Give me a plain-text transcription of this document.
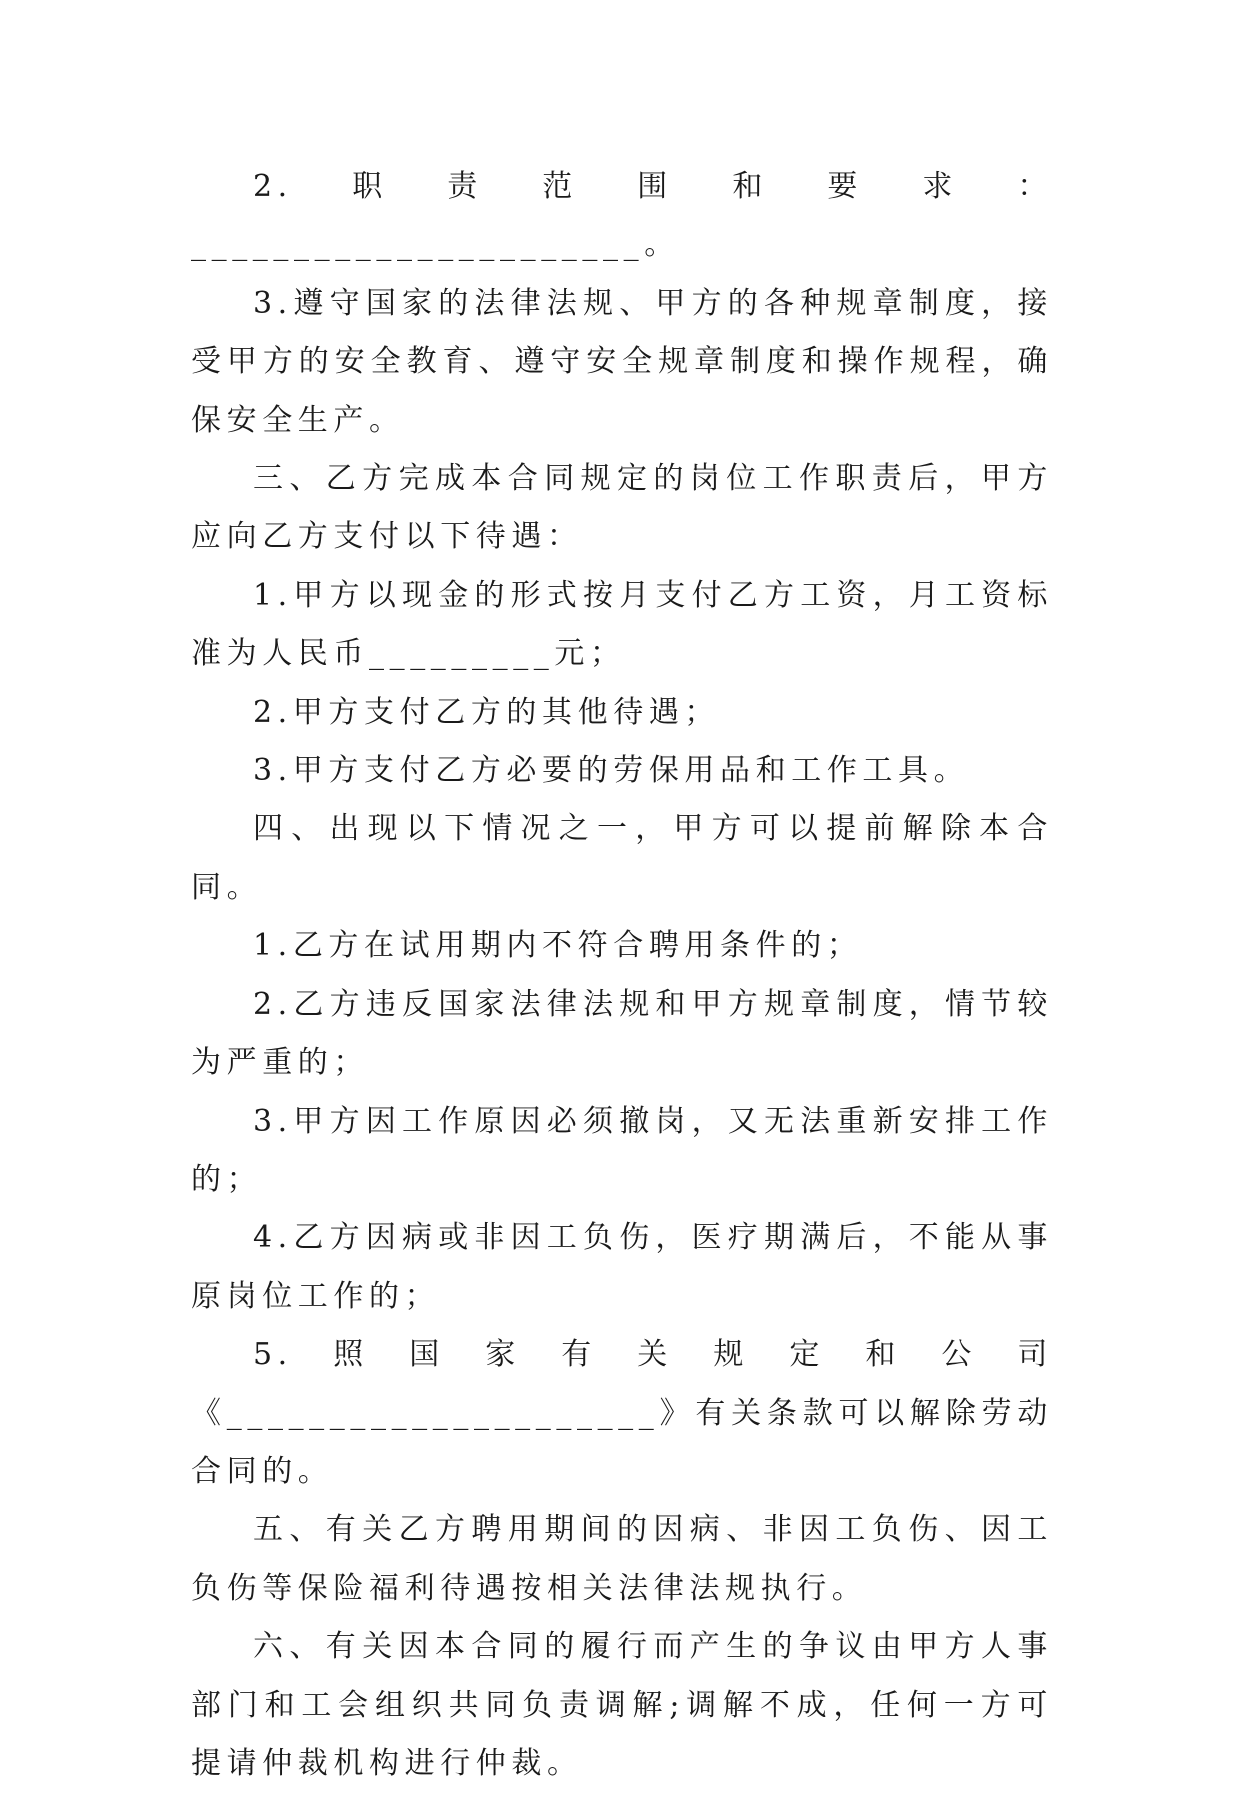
2.职责范围和要求：______________________。

3.遵守国家的法律法规、甲方的各种规章制度，接受甲方的安全教育、遵守安全规章制度和操作规程，确保安全生产。

三、乙方完成本合同规定的岗位工作职责后，甲方应向乙方支付以下待遇：

1.甲方以现金的形式按月支付乙方工资，月工资标准为人民币_________元；

2.甲方支付乙方的其他待遇；

3.甲方支付乙方必要的劳保用品和工作工具。

四、出现以下情况之一，甲方可以提前解除本合同。

1.乙方在试用期内不符合聘用条件的；

2.乙方违反国家法律法规和甲方规章制度，情节较为严重的；

3.甲方因工作原因必须撤岗，又无法重新安排工作的；

4.乙方因病或非因工负伤，医疗期满后，不能从事原岗位工作的；

5.照国家有关规定和公司《_____________________》有关条款可以解除劳动合同的。

五、有关乙方聘用期间的因病、非因工负伤、因工负伤等保险福利待遇按相关法律法规执行。

六、有关因本合同的履行而产生的争议由甲方人事部门和工会组织共同负责调解;调解不成，任何一方可提请仲裁机构进行仲裁。
